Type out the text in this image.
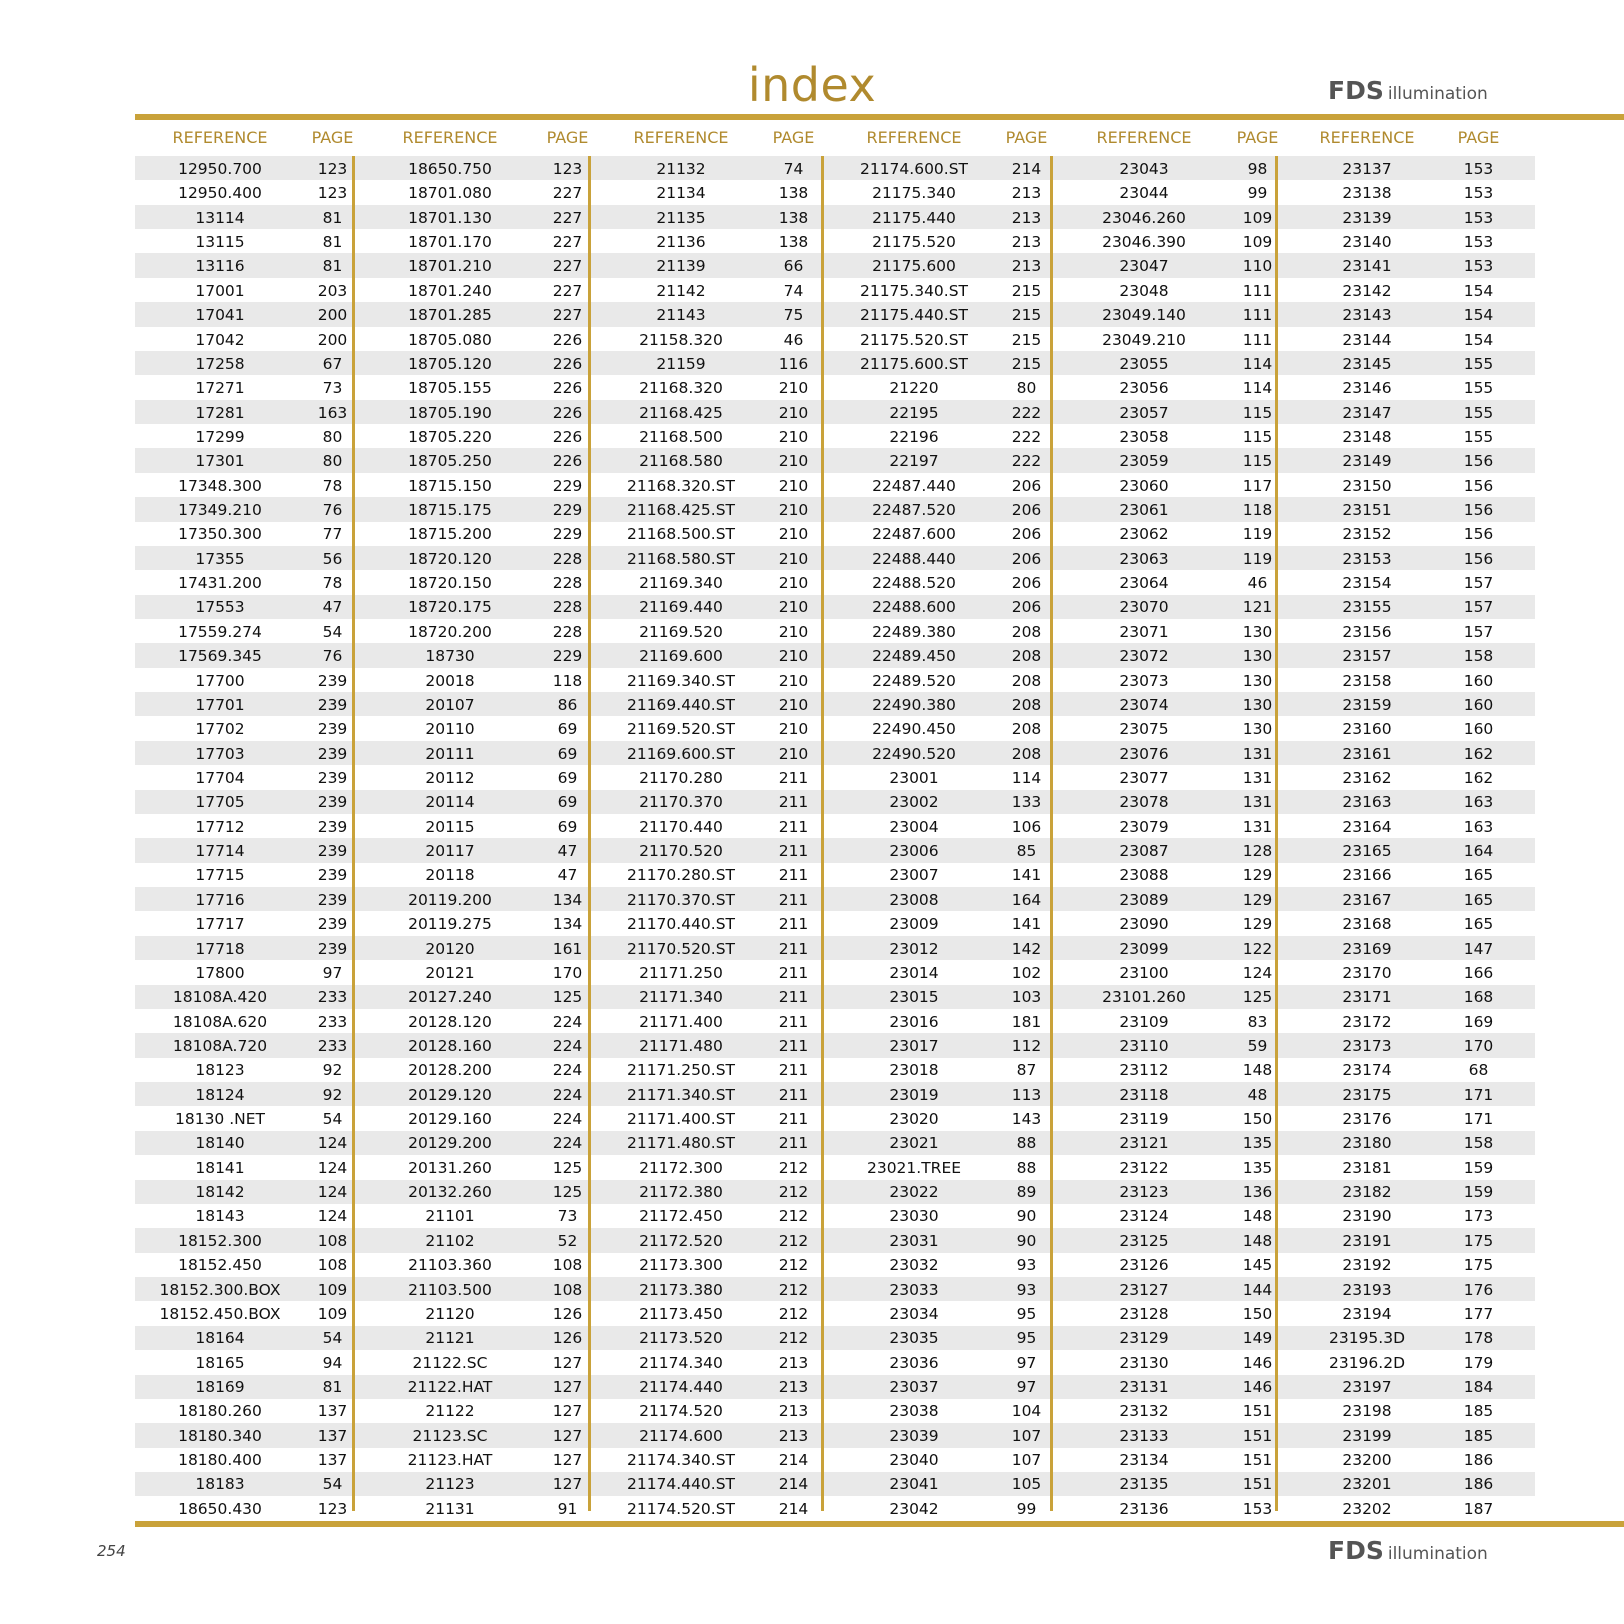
index	FDS illumination
REFERENCE	PAGE
12950.700	123
12950.400	123
13114	81
13115	81
13116	81
17001	203
17041	200
17042	200
17258	67
17271	73
17281	163
17299	80
17301	80
17348.300	78
17349.210	76
17350.300	77
17355	56
17431.200	78
17553	47
17559.274	54
17569.345	76
17700	239
17701	239
17702	239
17703	239
17704	239
17705	239
17712	239
17714	239
17715	239
17716	239
17717	239
17718	239
17800	97
18108A.420	233
18108A.620	233
18108A.720	233
18123	92
18124	92
18130 .NET	54
18140	124
18141	124
18142	124
18143	124
18152.300	108
18152.450	108
18152.300.BOX	109
18152.450.BOX	109
18164	54
18165	94
18169	81
18180.260	137
18180.340	137
18180.400	137
18183	54
18650.430	123
REFERENCE	PAGE
18650.750	123
18701.080	227
18701.130	227
18701.170	227
18701.210	227
18701.240	227
18701.285	227
18705.080	226
18705.120	226
18705.155	226
18705.190	226
18705.220	226
18705.250	226
18715.150	229
18715.175	229
18715.200	229
18720.120	228
18720.150	228
18720.175	228
18720.200	228
18730	229
20018	118
20107	86
20110	69
20111	69
20112	69
20114	69
20115	69
20117	47
20118	47
20119.200	134
20119.275	134
20120	161
20121	170
20127.240	125
20128.120	224
20128.160	224
20128.200	224
20129.120	224
20129.160	224
20129.200	224
20131.260	125
20132.260	125
21101	73
21102	52
21103.360	108
21103.500	108
21120	126
21121	126
21122.SC	127
21122.HAT	127
21122	127
21123.SC	127
21123.HAT	127
21123	127
21131	91
REFERENCE	PAGE
21132	74
21134	138
21135	138
21136	138
21139	66
21142	74
21143	75
21158.320	46
21159	116
21168.320	210
21168.425	210
21168.500	210
21168.580	210
21168.320.ST	210
21168.425.ST	210
21168.500.ST	210
21168.580.ST	210
21169.340	210
21169.440	210
21169.520	210
21169.600	210
21169.340.ST	210
21169.440.ST	210
21169.520.ST	210
21169.600.ST	210
21170.280	211
21170.370	211
21170.440	211
21170.520	211
21170.280.ST	211
21170.370.ST	211
21170.440.ST	211
21170.520.ST	211
21171.250	211
21171.340	211
21171.400	211
21171.480	211
21171.250.ST	211
21171.340.ST	211
21171.400.ST	211
21171.480.ST	211
21172.300	212
21172.380	212
21172.450	212
21172.520	212
21173.300	212
21173.380	212
21173.450	212
21173.520	212
21174.340	213
21174.440	213
21174.520	213
21174.600	213
21174.340.ST	214
21174.440.ST	214
21174.520.ST	214
REFERENCE	PAGE
21174.600.ST	214
21175.340	213
21175.440	213
21175.520	213
21175.600	213
21175.340.ST	215
21175.440.ST	215
21175.520.ST	215
21175.600.ST	215
21220	80
22195	222
22196	222
22197	222
22487.440	206
22487.520	206
22487.600	206
22488.440	206
22488.520	206
22488.600	206
22489.380	208
22489.450	208
22489.520	208
22490.380	208
22490.450	208
22490.520	208
23001	114
23002	133
23004	106
23006	85
23007	141
23008	164
23009	141
23012	142
23014	102
23015	103
23016	181
23017	112
23018	87
23019	113
23020	143
23021	88
23021.TREE	88
23022	89
23030	90
23031	90
23032	93
23033	93
23034	95
23035	95
23036	97
23037	97
23038	104
23039	107
23040	107
23041	105
23042	99
REFERENCE	PAGE
23043	98
23044	99
23046.260	109
23046.390	109
23047	110
23048	111
23049.140	111
23049.210	111
23055	114
23056	114
23057	115
23058	115
23059	115
23060	117
23061	118
23062	119
23063	119
23064	46
23070	121
23071	130
23072	130
23073	130
23074	130
23075	130
23076	131
23077	131
23078	131
23079	131
23087	128
23088	129
23089	129
23090	129
23099	122
23100	124
23101.260	125
23109	83
23110	59
23112	148
23118	48
23119	150
23121	135
23122	135
23123	136
23124	148
23125	148
23126	145
23127	144
23128	150
23129	149
23130	146
23131	146
23132	151
23133	151
23134	151
23135	151
23136	153
REFERENCE	PAGE
23137	153
23138	153
23139	153
23140	153
23141	153
23142	154
23143	154
23144	154
23145	155
23146	155
23147	155
23148	155
23149	156
23150	156
23151	156
23152	156
23153	156
23154	157
23155	157
23156	157
23157	158
23158	160
23159	160
23160	160
23161	162
23162	162
23163	163
23164	163
23165	164
23166	165
23167	165
23168	165
23169	147
23170	166
23171	168
23172	169
23173	170
23174	68
23175	171
23176	171
23180	158
23181	159
23182	159
23190	173
23191	175
23192	175
23193	176
23194	177
23195.3D	178
23196.2D	179
23197	184
23198	185
23199	185
23200	186
23201	186
23202	187
254	FDS illumination
